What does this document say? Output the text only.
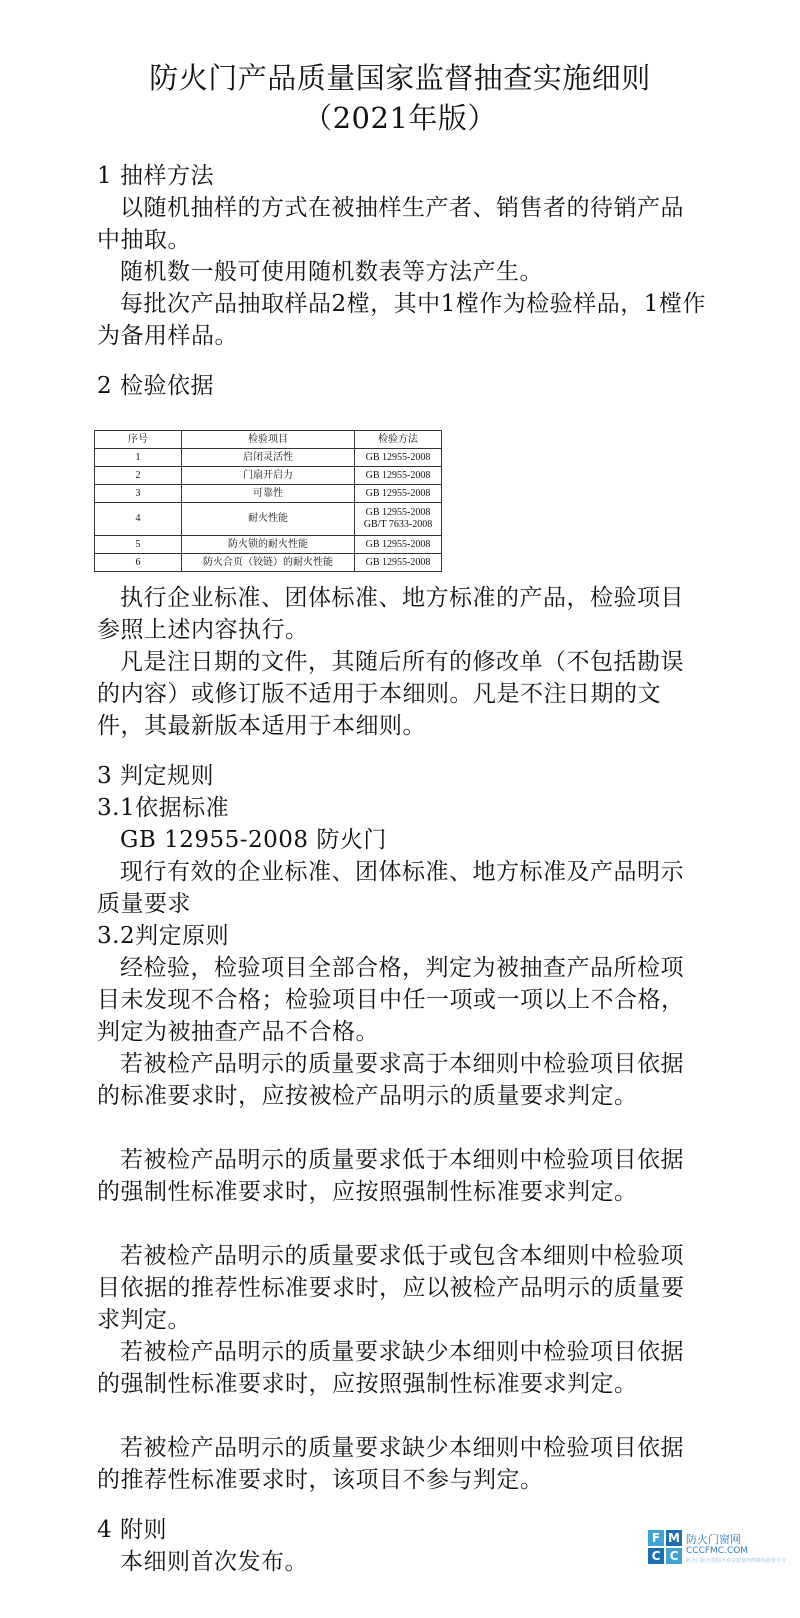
防火门产品质量国家监督抽查实施细则
（2021年版）

1 抽样方法

以随机抽样的方式在被抽样生产者、销售者的待销产品中抽取。

随机数一般可使用随机数表等方法产生。

每批次产品抽取样品2樘，其中1樘作为检验样品，1樘作为备用样品。

2 检验依据

序号	检验项目	检验方法
1	启闭灵活性	GB 12955-2008
2	门扇开启力	GB 12955-2008
3	可靠性	GB 12955-2008
4	耐火性能	GB 12955-2008
GB/T 7633-2008

5	防火锁的耐火性能	GB 12955-2008
6	防火合页（铰链）的耐火性能	GB 12955-2008

执行企业标准、团体标准、地方标准的产品，检验项目参照上述内容执行。

凡是注日期的文件，其随后所有的修改单（不包括勘误的内容）或修订版不适用于本细则。凡是不注日期的文件，其最新版本适用于本细则。

3 判定规则

3.1依据标准

GB 12955-2008 防火门

现行有效的企业标准、团体标准、地方标准及产品明示质量要求

3.2判定原则

经检验，检验项目全部合格，判定为被抽查产品所检项目未发现不合格；检验项目中任一项或一项以上不合格，判定为被抽查产品不合格。

若被检产品明示的质量要求高于本细则中检验项目依据的标准要求时，应按被检产品明示的质量要求判定。

若被检产品明示的质量要求低于本细则中检验项目依据的强制性标准要求时，应按照强制性标准要求判定。

若被检产品明示的质量要求低于或包含本细则中检验项目依据的推荐性标准要求时，应以被检产品明示的质量要求判定。

若被检产品明示的质量要求缺少本细则中检验项目依据的强制性标准要求时，应按照强制性标准要求判定。

若被检产品明示的质量要求缺少本细则中检验项目依据的推荐性标准要求时，该项目不参与判定。

4 附则

本细则首次发布。

F M
C C
防火门窗网
CCCFMC.COM
防火门防火窗防火卷帘质量网络媒体服务平台
